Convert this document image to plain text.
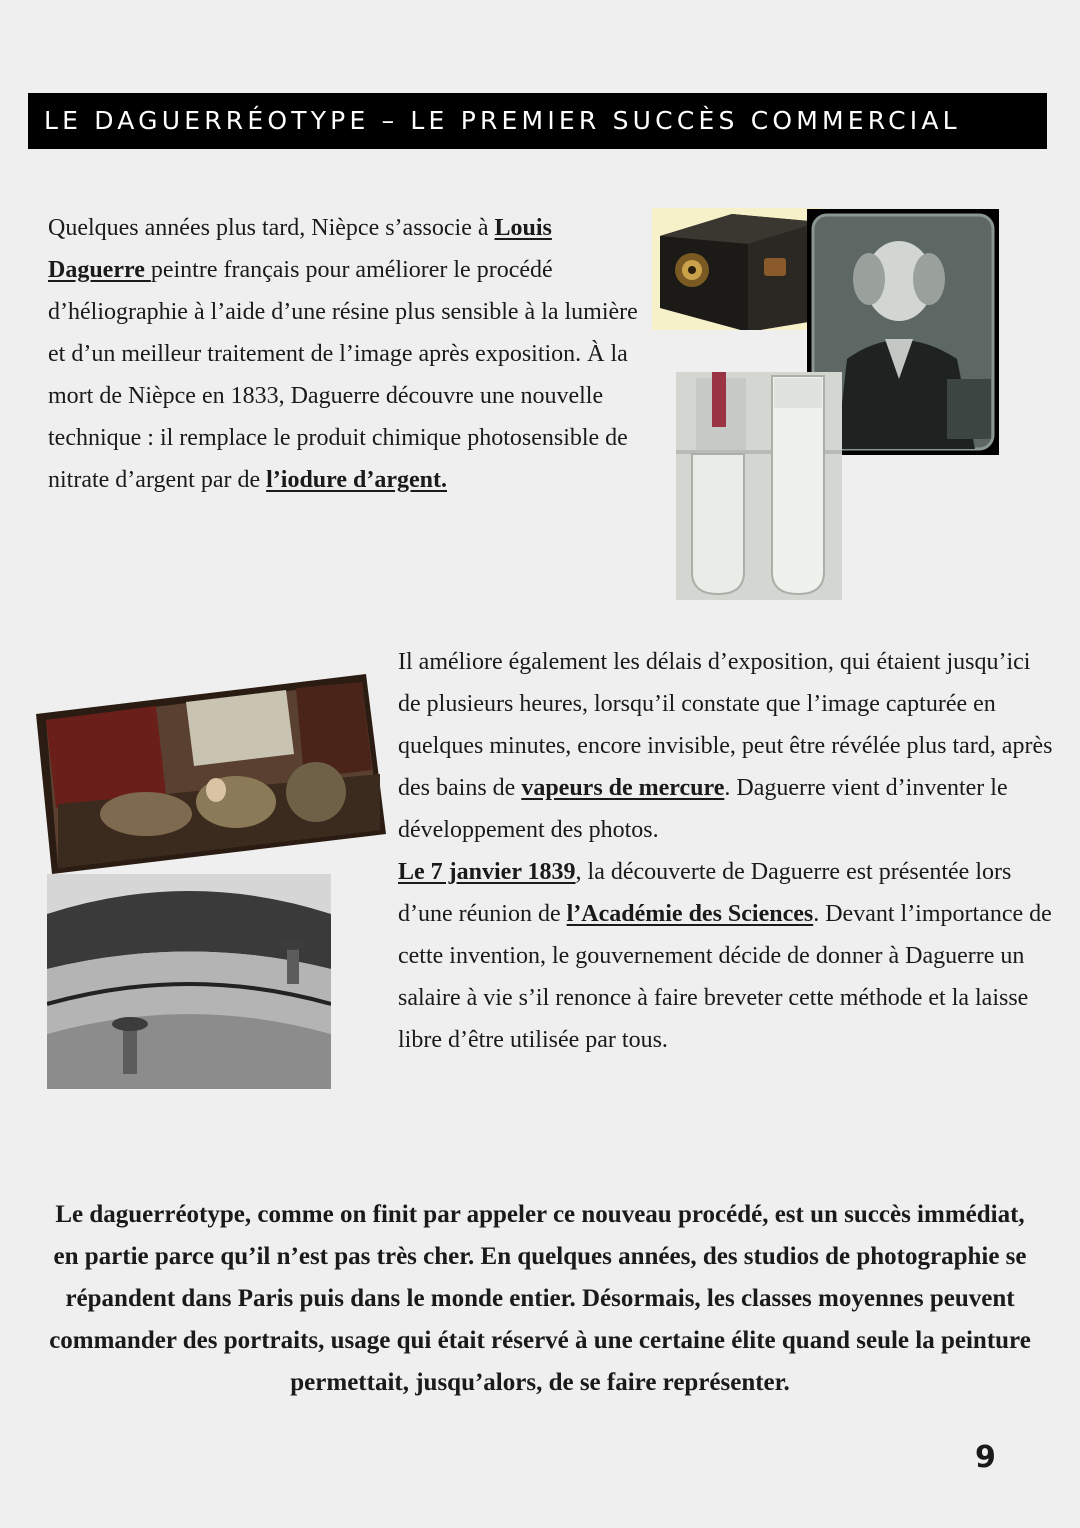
LE DAGUERRÉOTYPE – LE PREMIER SUCCÈS COMMERCIAL
Quelques années plus tard, Nièpce s’associe à Louis Daguerre peintre français pour améliorer le procédé d’héliographie à l’aide d’une résine plus sensible à la lumière et d’un meilleur traitement de l’image après exposition. À la mort de Nièpce en 1833, Daguerre découvre une nouvelle technique : il remplace le produit chimique photosensible de nitrate d’argent par de l’iodure d’argent.
Il améliore également les délais d’exposition, qui étaient jusqu’ici de plusieurs heures, lorsqu’il constate que l’image capturée en quelques minutes, encore invisible, peut être révélée plus tard, après des bains de vapeurs de mercure. Daguerre vient d’inventer le développement des photos.
Le 7 janvier 1839, la découverte de Daguerre est présentée lors d’une réunion de l’Académie des Sciences. Devant l’importance de cette invention, le gouvernement décide de donner à Daguerre un salaire à vie s’il renonce à faire breveter cette méthode et la laisse libre d’être utilisée par tous.
Le daguerréotype, comme on finit par appeler ce nouveau procédé, est un succès immédiat, en partie parce qu’il n’est pas très cher. En quelques années, des studios de photographie se répandent dans Paris puis dans le monde entier. Désormais, les classes moyennes peuvent commander des portraits, usage qui était réservé à une certaine élite quand seule la peinture permettait, jusqu’alors, de se faire représenter.
9
